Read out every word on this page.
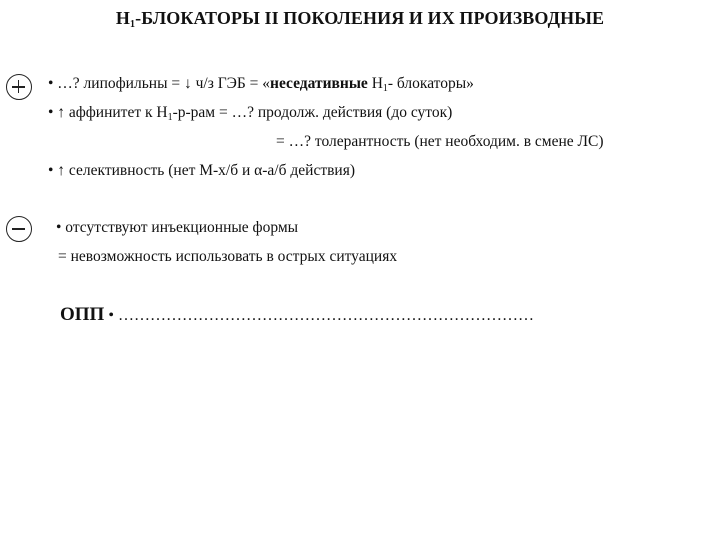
$Н_1$-БЛОКАТОРЫ II ПОКОЛЕНИЯ И ИХ ПРОИЗВОДНЫЕ
• …? липофильны = ↓ ч/з ГЭБ = «неседативные $Н_1-$ блокаторы»
• ↑ аффинитет к $Н_1-р$-рам = …? продолж. действия (до суток)
= …? толерантность (нет необходим. в смене ЛС)
• ↑ селективность (нет М-х/б и α-а/б действия)
• отсутствуют инъекционные формы
= невозможность использовать в острых ситуациях
ОПП • ……………………………………………………………………
